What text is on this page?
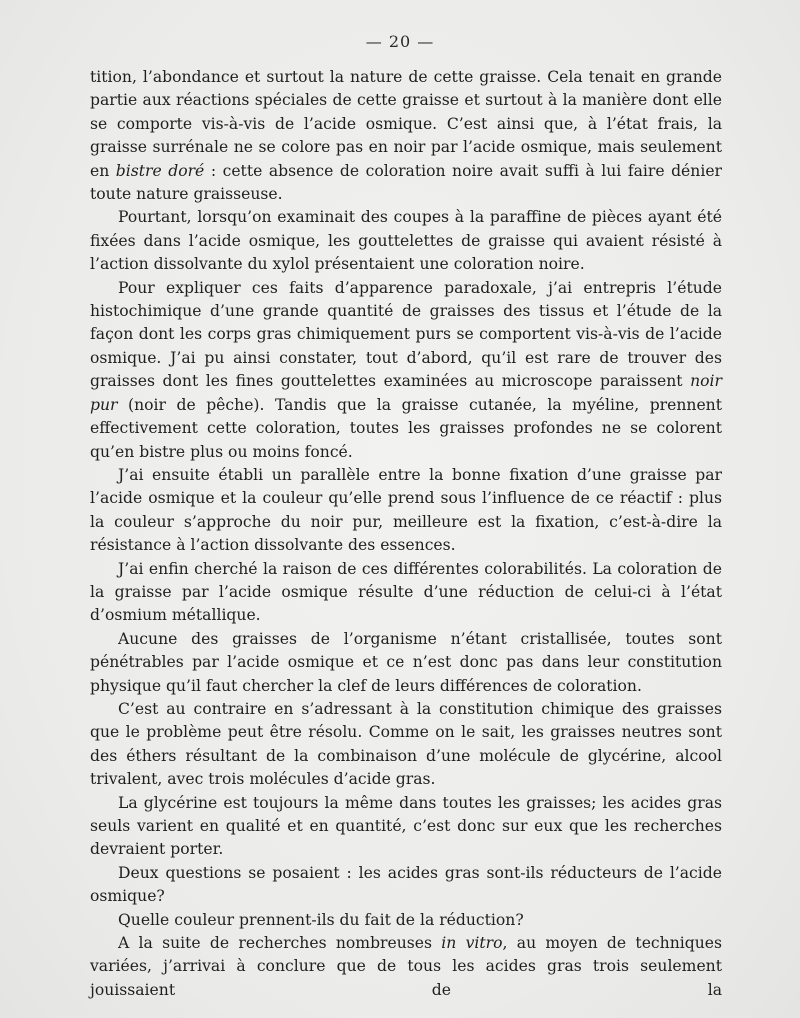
— 20 —

tition, l’abondance et surtout la nature de cette graisse. Cela tenait en grande partie aux réactions spéciales de cette graisse et surtout à la manière dont elle se comporte vis-à-vis de l’acide osmique. C’est ainsi que, à l’état frais, la graisse surrénale ne se colore pas en noir par l’acide osmique, mais seulement en bistre doré : cette absence de coloration noire avait suffi à lui faire dénier toute nature graisseuse.

Pourtant, lorsqu’on examinait des coupes à la paraffine de pièces ayant été fixées dans l’acide osmique, les gouttelettes de graisse qui avaient résisté à l’action dissolvante du xylol présentaient une coloration noire.

Pour expliquer ces faits d’apparence paradoxale, j’ai entrepris l’étude histochimique d’une grande quantité de graisses des tissus et l’étude de la façon dont les corps gras chimiquement purs se comportent vis-à-vis de l’acide osmique. J’ai pu ainsi constater, tout d’abord, qu’il est rare de trouver des graisses dont les fines gouttelettes examinées au microscope paraissent noir pur (noir de pêche). Tandis que la graisse cutanée, la myéline, prennent effectivement cette coloration, toutes les graisses profondes ne se colorent qu’en bistre plus ou moins foncé.

J’ai ensuite établi un parallèle entre la bonne fixation d’une graisse par l’acide osmique et la couleur qu’elle prend sous l’influence de ce réactif : plus la couleur s’approche du noir pur, meilleure est la fixation, c’est-à-dire la résistance à l’action dissolvante des essences.

J’ai enfin cherché la raison de ces différentes colorabilités. La coloration de la graisse par l’acide osmique résulte d’une réduction de celui-ci à l’état d’osmium métallique.

Aucune des graisses de l’organisme n’étant cristallisée, toutes sont pénétrables par l’acide osmique et ce n’est donc pas dans leur constitution physique qu’il faut chercher la clef de leurs différences de coloration.

C’est au contraire en s’adressant à la constitution chimique des graisses que le problème peut être résolu. Comme on le sait, les graisses neutres sont des éthers résultant de la combinaison d’une molécule de glycérine, alcool trivalent, avec trois molécules d’acide gras.

La glycérine est toujours la même dans toutes les graisses; les acides gras seuls varient en qualité et en quantité, c’est donc sur eux que les recherches devraient porter.

Deux questions se posaient : les acides gras sont-ils réducteurs de l’acide osmique?

Quelle couleur prennent-ils du fait de la réduction?

A la suite de recherches nombreuses in vitro, au moyen de techniques variées, j’arrivai à conclure que de tous les acides gras trois seulement jouissaient de la
